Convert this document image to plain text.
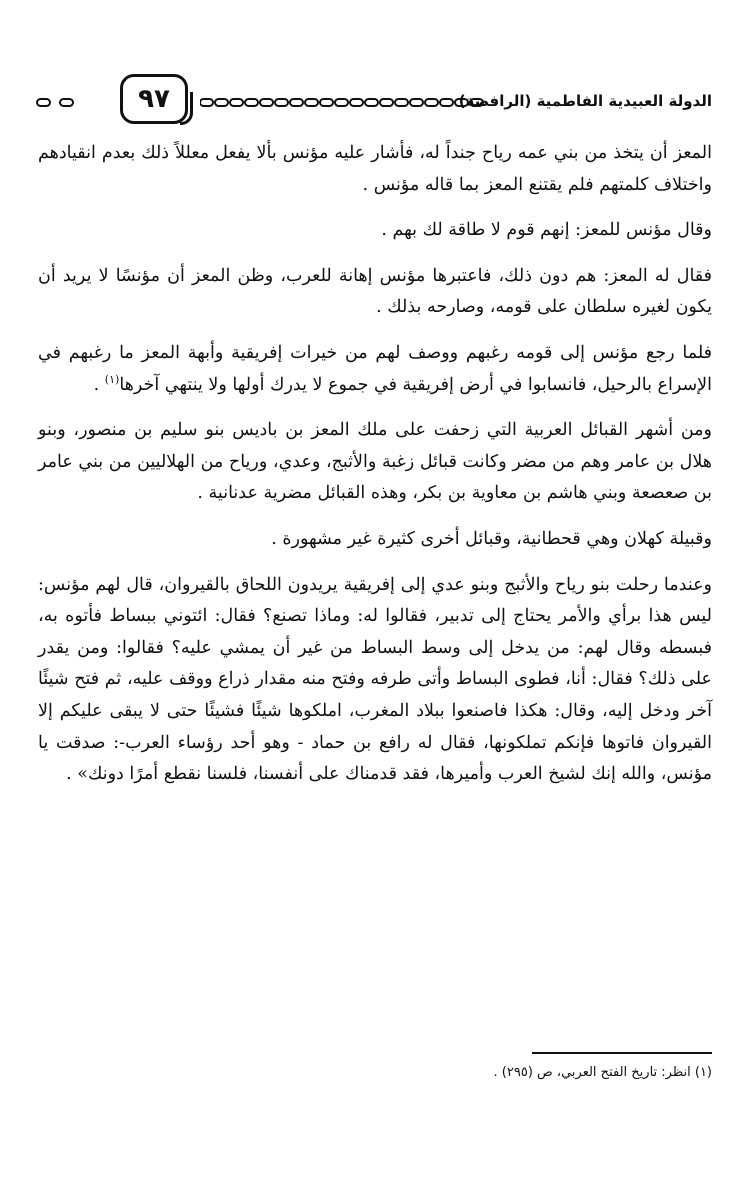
الدولة العبيدية الفاطمية (الرافضة)
٩٧

المعز أن يتخذ من بني عمه رياح جنداً له، فأشار عليه مؤنس بألا يفعل معللاً ذلك بعدم انقيادهم واختلاف كلمتهم فلم يقتنع المعز بما قاله مؤنس .

وقال مؤنس للمعز: إنهم قوم لا طاقة لك بهم .

فقال له المعز: هم دون ذلك، فاعتبرها مؤنس إهانة للعرب، وظن المعز أن مؤنسًا لا يريد أن يكون لغيره سلطان على قومه، وصارحه بذلك .

فلما رجع مؤنس إلى قومه رغبهم ووصف لهم من خيرات إفريقية وأبهة المعز ما رغبهم في الإسراع بالرحيل، فانسابوا في أرض إفريقية في جموع لا يدرك أولها ولا ينتهي آخرها$^{(١)}$ .

ومن أشهر القبائل العربية التي زحفت على ملك المعز بن باديس بنو سليم بن منصور، وبنو هلال بن عامر وهم من مضر وكانت قبائل زغبة والأثبج، وعدي، ورياح من الهلاليين من بني عامر بن صعصعة وبني هاشم بن معاوية بن بكر، وهذه القبائل مضرية عدنانية .

وقبيلة كهلان وهي قحطانية، وقبائل أخرى كثيرة غير مشهورة .

وعندما رحلت بنو رياح والأثبج وبنو عدي إلى إفريقية يريدون اللحاق بالقيروان، قال لهم مؤنس: ليس هذا برأي والأمر يحتاج إلى تدبير، فقالوا له: وماذا تصنع؟ فقال: ائتوني ببساط فأتوه به، فبسطه وقال لهم: من يدخل إلى وسط البساط من غير أن يمشي عليه؟ فقالوا: ومن يقدر على ذلك؟ فقال: أنا، فطوى البساط وأتى طرفه وفتح منه مقدار ذراع ووقف عليه، ثم فتح شيئًا آخر ودخل إليه، وقال: هكذا فاصنعوا ببلاد المغرب، املكوها شيئًا فشيئًا حتى لا يبقى عليكم إلا القيروان فاتوها فإنكم تملكونها، فقال له رافع بن حماد - وهو أحد رؤساء العرب-: صدقت يا مؤنس، والله إنك لشيخ العرب وأميرها، فقد قدمناك على أنفسنا، فلسنا نقطع أمرًا دونك» .

(١) انظر: تاريخ الفتح العربي، ص (٢٩٥) .
